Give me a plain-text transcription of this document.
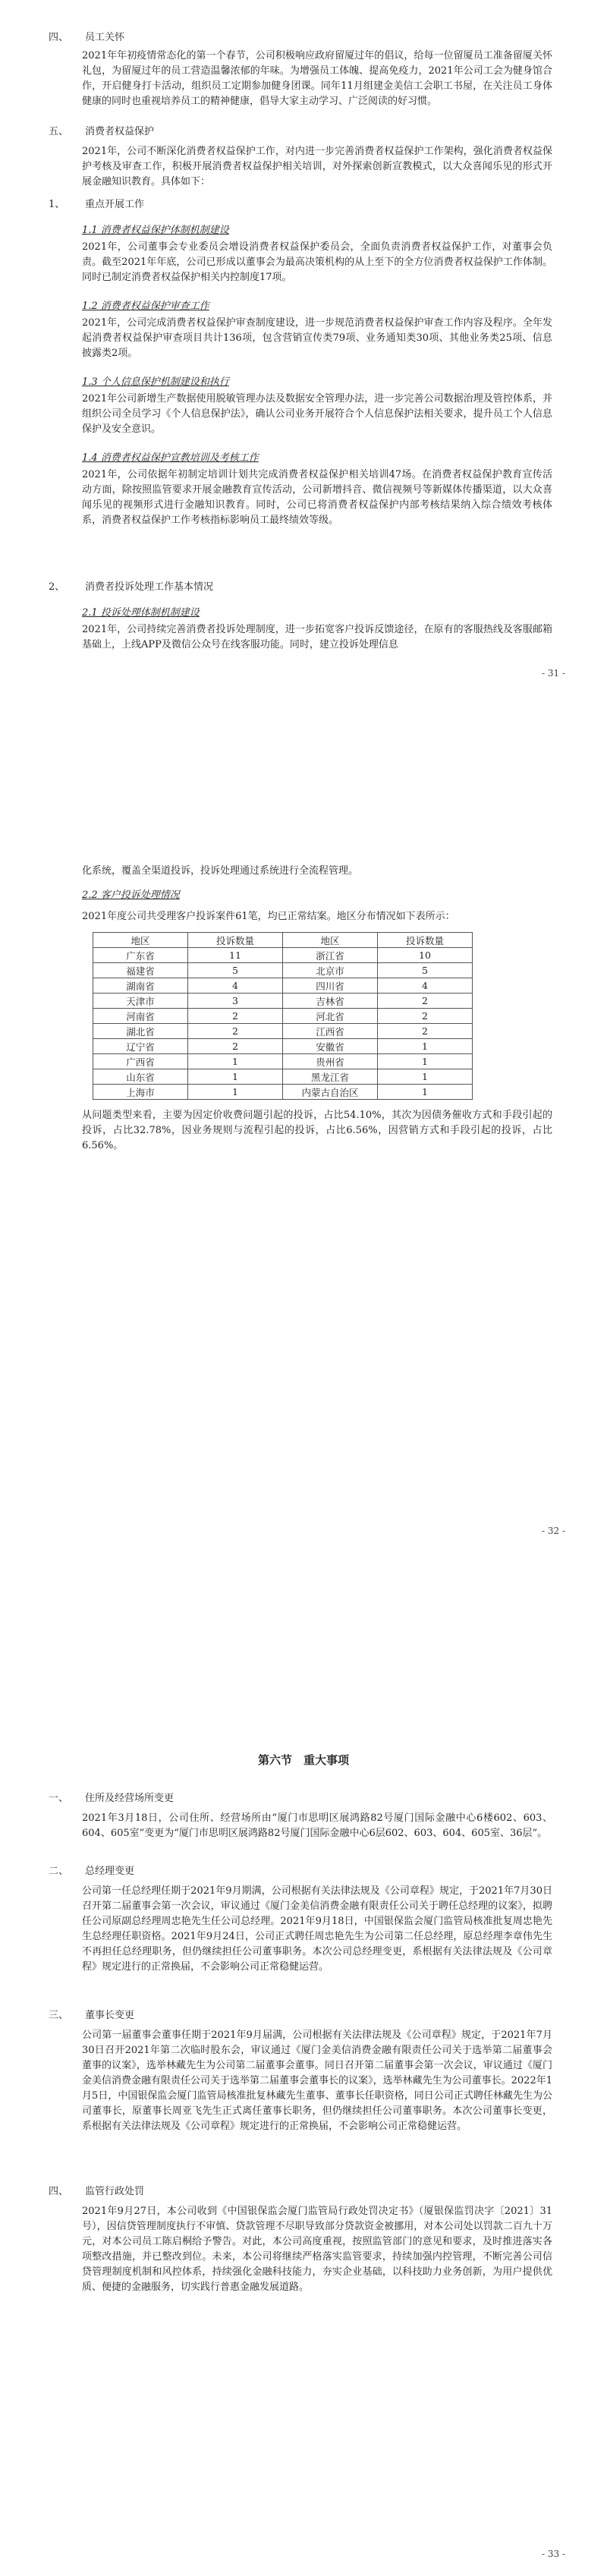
四、 员工关怀
2021年年初疫情常态化的第一个春节，公司积极响应政府留厦过年的倡议，给每一位留厦员工准备留厦关怀礼包，为留厦过年的员工营造温馨浓郁的年味。为增强员工体魄、提高免疫力，2021年公司工会为健身馆合作，开启健身打卡活动，组织员工定期参加健身团课。同年11月组建金美信工会职工书屋，在关注员工身体健康的同时也重视培养员工的精神健康，倡导大家主动学习、广泛阅读的好习惯。
五、 消费者权益保护
2021年，公司不断深化消费者权益保护工作，对内进一步完善消费者权益保护工作架构，强化消费者权益保护考核及审查工作，积极开展消费者权益保护相关培训，对外探索创新宣教模式，以大众喜闻乐见的形式开展金融知识教育。具体如下：
1、 重点开展工作
1.1 消费者权益保护体制机制建设
2021年，公司董事会专业委员会增设消费者权益保护委员会，全面负责消费者权益保护工作，对董事会负责。截至2021年年底，公司已形成以董事会为最高决策机构的从上至下的全方位消费者权益保护工作体制。同时已制定消费者权益保护相关内控制度17项。
1.2 消费者权益保护审查工作
2021年，公司完成消费者权益保护审查制度建设，进一步规范消费者权益保护审查工作内容及程序。全年发起消费者权益保护审查项目共计136项，包含营销宣传类79项、业务通知类30项、其他业务类25项、信息披露类2项。
1.3 个人信息保护机制建设和执行
2021年公司新增生产数据使用脱敏管理办法及数据安全管理办法，进一步完善公司数据治理及管控体系，并组织公司全员学习《个人信息保护法》，确认公司业务开展符合个人信息保护法相关要求，提升员工个人信息保护及安全意识。
1.4 消费者权益保护宣教培训及考核工作
2021年，公司依据年初制定培训计划共完成消费者权益保护相关培训47场。在消费者权益保护教育宣传活动方面，除按照监管要求开展金融教育宣传活动，公司新增抖音、微信视频号等新媒体传播渠道，以大众喜闻乐见的视频形式进行金融知识教育。同时，公司已将消费者权益保护内部考核结果纳入综合绩效考核体系，消费者权益保护工作考核指标影响员工最终绩效等级。
2、 消费者投诉处理工作基本情况
2.1 投诉处理体制机制建设
2021年，公司持续完善消费者投诉处理制度，进一步拓宽客户投诉反馈途径，在原有的客服热线及客服邮箱基础上，上线APP及微信公众号在线客服功能。同时，建立投诉处理信息
- 31 -
化系统，覆盖全渠道投诉，投诉处理通过系统进行全流程管理。
2.2 客户投诉处理情况
2021年度公司共受理客户投诉案件61笔，均已正常结案。地区分布情况如下表所示：
地区	投诉数量	地区	投诉数量
广东省	11	浙江省	10
福建省	5	北京市	5
湖南省	4	四川省	4
天津市	3	吉林省	2
河南省	2	河北省	2
湖北省	2	江西省	2
辽宁省	2	安徽省	1
广西省	1	贵州省	1
山东省	1	黑龙江省	1
上海市	1	内蒙古自治区	1
从问题类型来看，主要为因定价收费问题引起的投诉，占比54.10%，其次为因债务催收方式和手段引起的投诉，占比32.78%，因业务规则与流程引起的投诉，占比6.56%，因营销方式和手段引起的投诉，占比6.56%。
- 32 -
第六节　重大事项
一、 住所及经营场所变更
2021年3月18日，公司住所、经营场所由“厦门市思明区展鸿路82号厦门国际金融中心6楼602、603、604、605室”变更为“厦门市思明区展鸿路82号厦门国际金融中心6层602、603、604、605室、36层”。
二、 总经理变更
公司第一任总经理任期于2021年9月期满，公司根据有关法律法规及《公司章程》规定，于2021年7月30日召开第二届董事会第一次会议，审议通过《厦门金美信消费金融有限责任公司关于聘任总经理的议案》，拟聘任公司原副总经理周忠艳先生任公司总经理。2021年9月18日，中国银保监会厦门监管局核准批复周忠艳先生总经理任职资格。2021年9月24日，公司正式聘任周忠艳先生为公司第二任总经理，原总经理李章伟先生不再担任总经理职务，但仍继续担任公司董事职务。本次公司总经理变更，系根据有关法律法规及《公司章程》规定进行的正常换届，不会影响公司正常稳健运营。
三、 董事长变更
公司第一届董事会董事任期于2021年9月届满，公司根据有关法律法规及《公司章程》规定，于2021年7月30日召开2021年第二次临时股东会，审议通过《厦门金美信消费金融有限责任公司关于选举第二届董事会董事的议案》，选举林藏先生为公司第二届董事会董事。同日召开第二届董事会第一次会议，审议通过《厦门金美信消费金融有限责任公司关于选举第二届董事会董事长的议案》，选举林藏先生为公司董事长。2022年1月5日，中国银保监会厦门监管局核准批复林藏先生董事、董事长任职资格，同日公司正式聘任林藏先生为公司董事长，原董事长周亚飞先生正式离任董事长职务，但仍继续担任公司董事职务。本次公司董事长变更，系根据有关法律法规及《公司章程》规定进行的正常换届，不会影响公司正常稳健运营。
四、 监管行政处罚
2021年9月27日，本公司收到《中国银保监会厦门监管局行政处罚决定书》（厦银保监罚决字〔2021〕31号），因信贷管理制度执行不审慎、贷款管理不尽职导致部分贷款资金被挪用，对本公司处以罚款二百九十万元，对本公司员工陈启桐给予警告。对此，本公司高度重视，按照监管部门的意见和要求，及时推进落实各项整改措施，并已整改到位。未来，本公司将继续严格落实监管要求，持续加强内控管理，不断完善公司信贷管理制度机制和风控体系，持续强化金融科技能力，夯实企业基础，以科技助力业务创新，为用户提供优质、便捷的金融服务，切实践行普惠金融发展道路。
- 33 -
